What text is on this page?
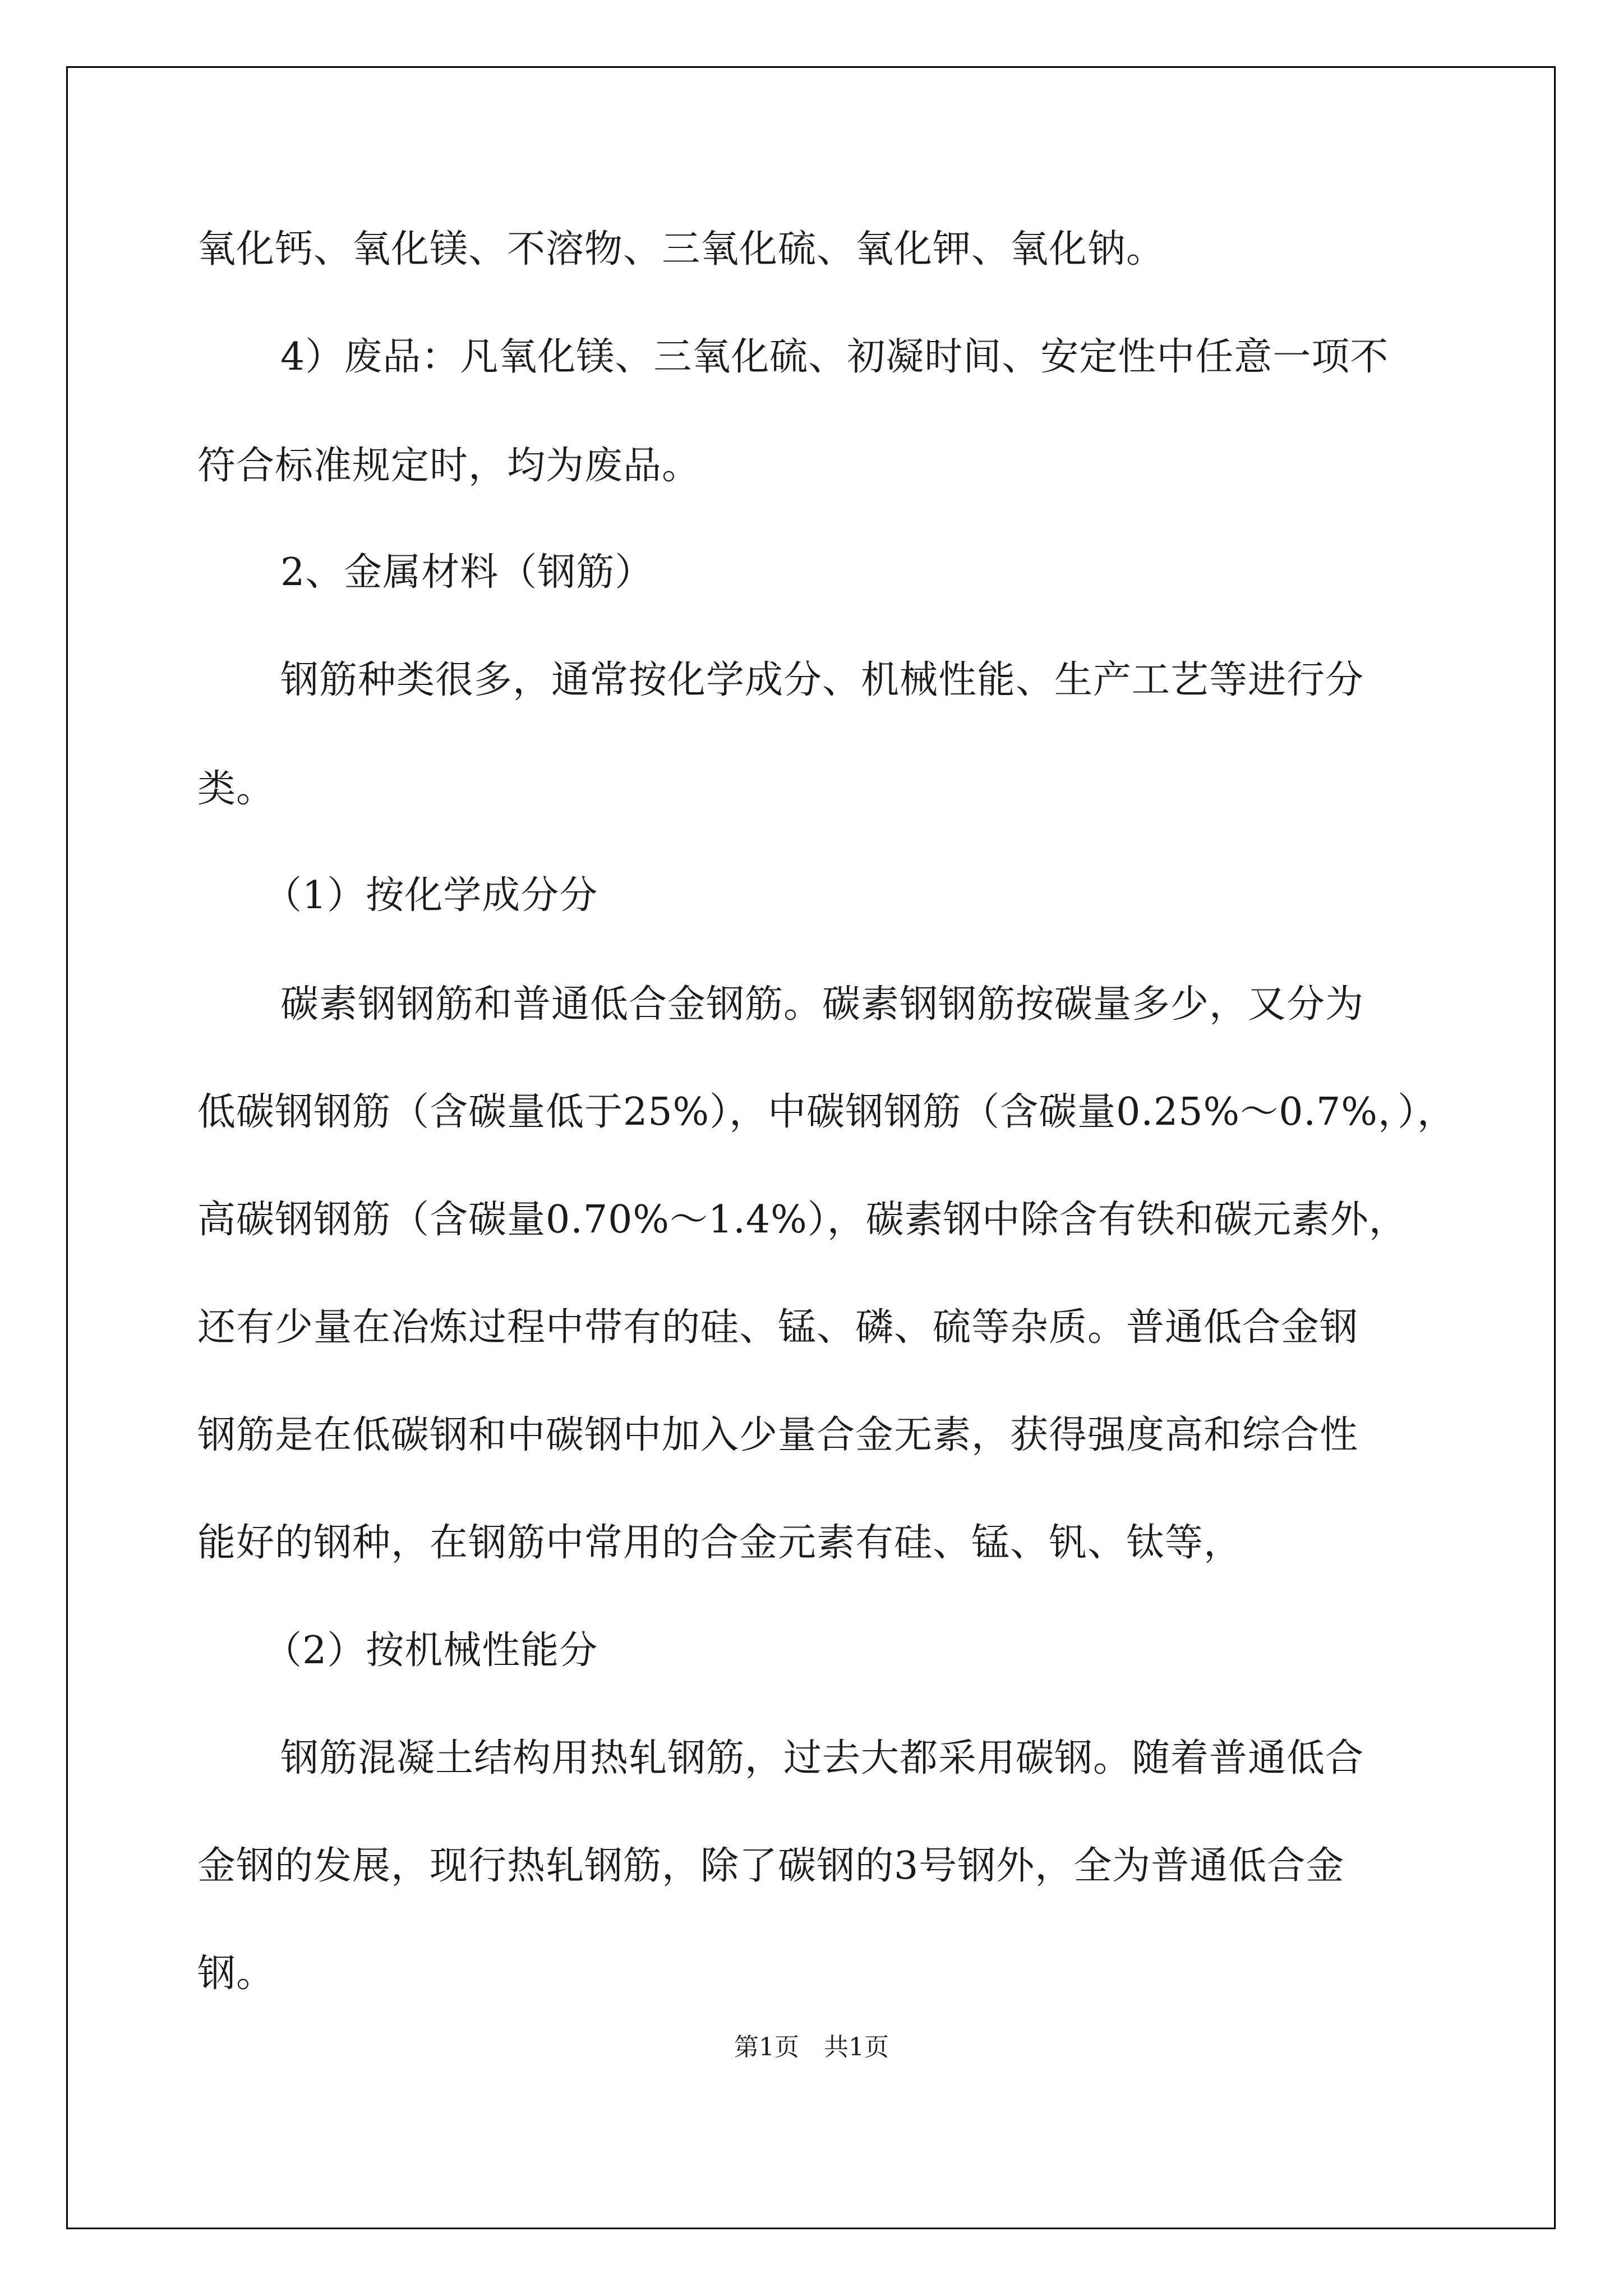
氧化钙、氧化镁、不溶物、三氧化硫、氧化钾、氧化钠。
4）废品：凡氧化镁、三氧化硫、初凝时间、安定性中任意一项不
符合标准规定时，均为废品。
2、金属材料（钢筋）
钢筋种类很多，通常按化学成分、机械性能、生产工艺等进行分
类。
（1）按化学成分分
碳素钢钢筋和普通低合金钢筋。碳素钢钢筋按碳量多少，又分为
低碳钢钢筋（含碳量低于25%），中碳钢钢筋（含碳量0.25%～0.7%，），
高碳钢钢筋（含碳量0.70%～1.4%），碳素钢中除含有铁和碳元素外，
还有少量在冶炼过程中带有的硅、锰、磷、硫等杂质。普通低合金钢
钢筋是在低碳钢和中碳钢中加入少量合金无素，获得强度高和综合性
能好的钢种，在钢筋中常用的合金元素有硅、锰、钒、钛等，
（2）按机械性能分
钢筋混凝土结构用热轧钢筋，过去大都采用碳钢。随着普通低合
金钢的发展，现行热轧钢筋，除了碳钢的3号钢外，全为普通低合金
钢。
第1页 共1页
